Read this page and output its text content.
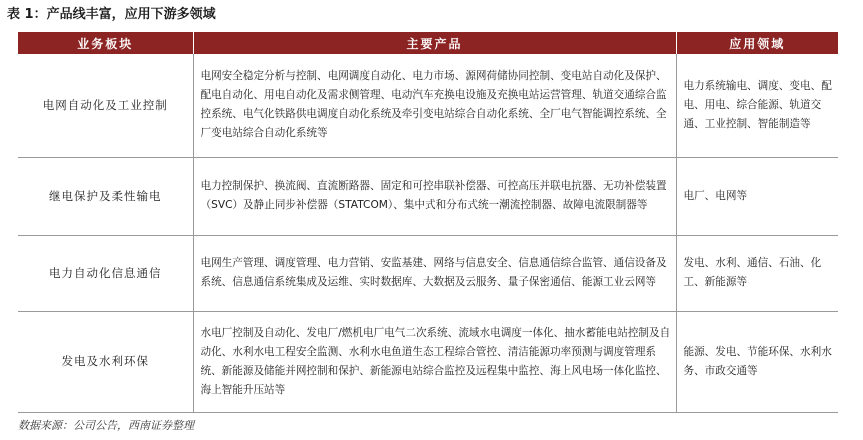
表 1：产品线丰富，应用下游多领域
业务板块	主要产品	应用领域
电网自动化及工业控制	电网安全稳定分析与控制、电网调度自动化、电力市场、源网荷储协同控制、变电站自动化及保护、配电自动化、用电自动化及需求侧管理、电动汽车充换电设施及充换电站运营管理、轨道交通综合监控系统、电气化铁路供电调度自动化系统及牵引变电站综合自动化系统、全厂电气智能调控系统、全厂变电站综合自动化系统等	电力系统输电、调度、变电、配电、用电、综合能源、轨道交通、工业控制、智能制造等
继电保护及柔性输电	电力控制保护、换流阀、直流断路器、固定和可控串联补偿器、可控高压并联电抗器、无功补偿装置（SVC）及静止同步补偿器（STATCOM）、集中式和分布式统一潮流控制器、故障电流限制器等	电厂、电网等
电力自动化信息通信	电网生产管理、调度管理、电力营销、安监基建、网络与信息安全、信息通信综合监管、通信设备及系统、信息通信系统集成及运维、实时数据库、大数据及云服务、量子保密通信、能源工业云网等	发电、水利、通信、石油、化工、新能源等
发电及水利环保	水电厂控制及自动化、发电厂/燃机电厂电气二次系统、流域水电调度一体化、抽水蓄能电站控制及自动化、水利水电工程安全监测、水利水电鱼道生态工程综合管控、清洁能源功率预测与调度管理系统、新能源及储能并网控制和保护、新能源电站综合监控及远程集中监控、海上风电场一体化监控、海上智能升压站等	能源、发电、节能环保、水利水务、市政交通等
数据来源：公司公告，西南证券整理
